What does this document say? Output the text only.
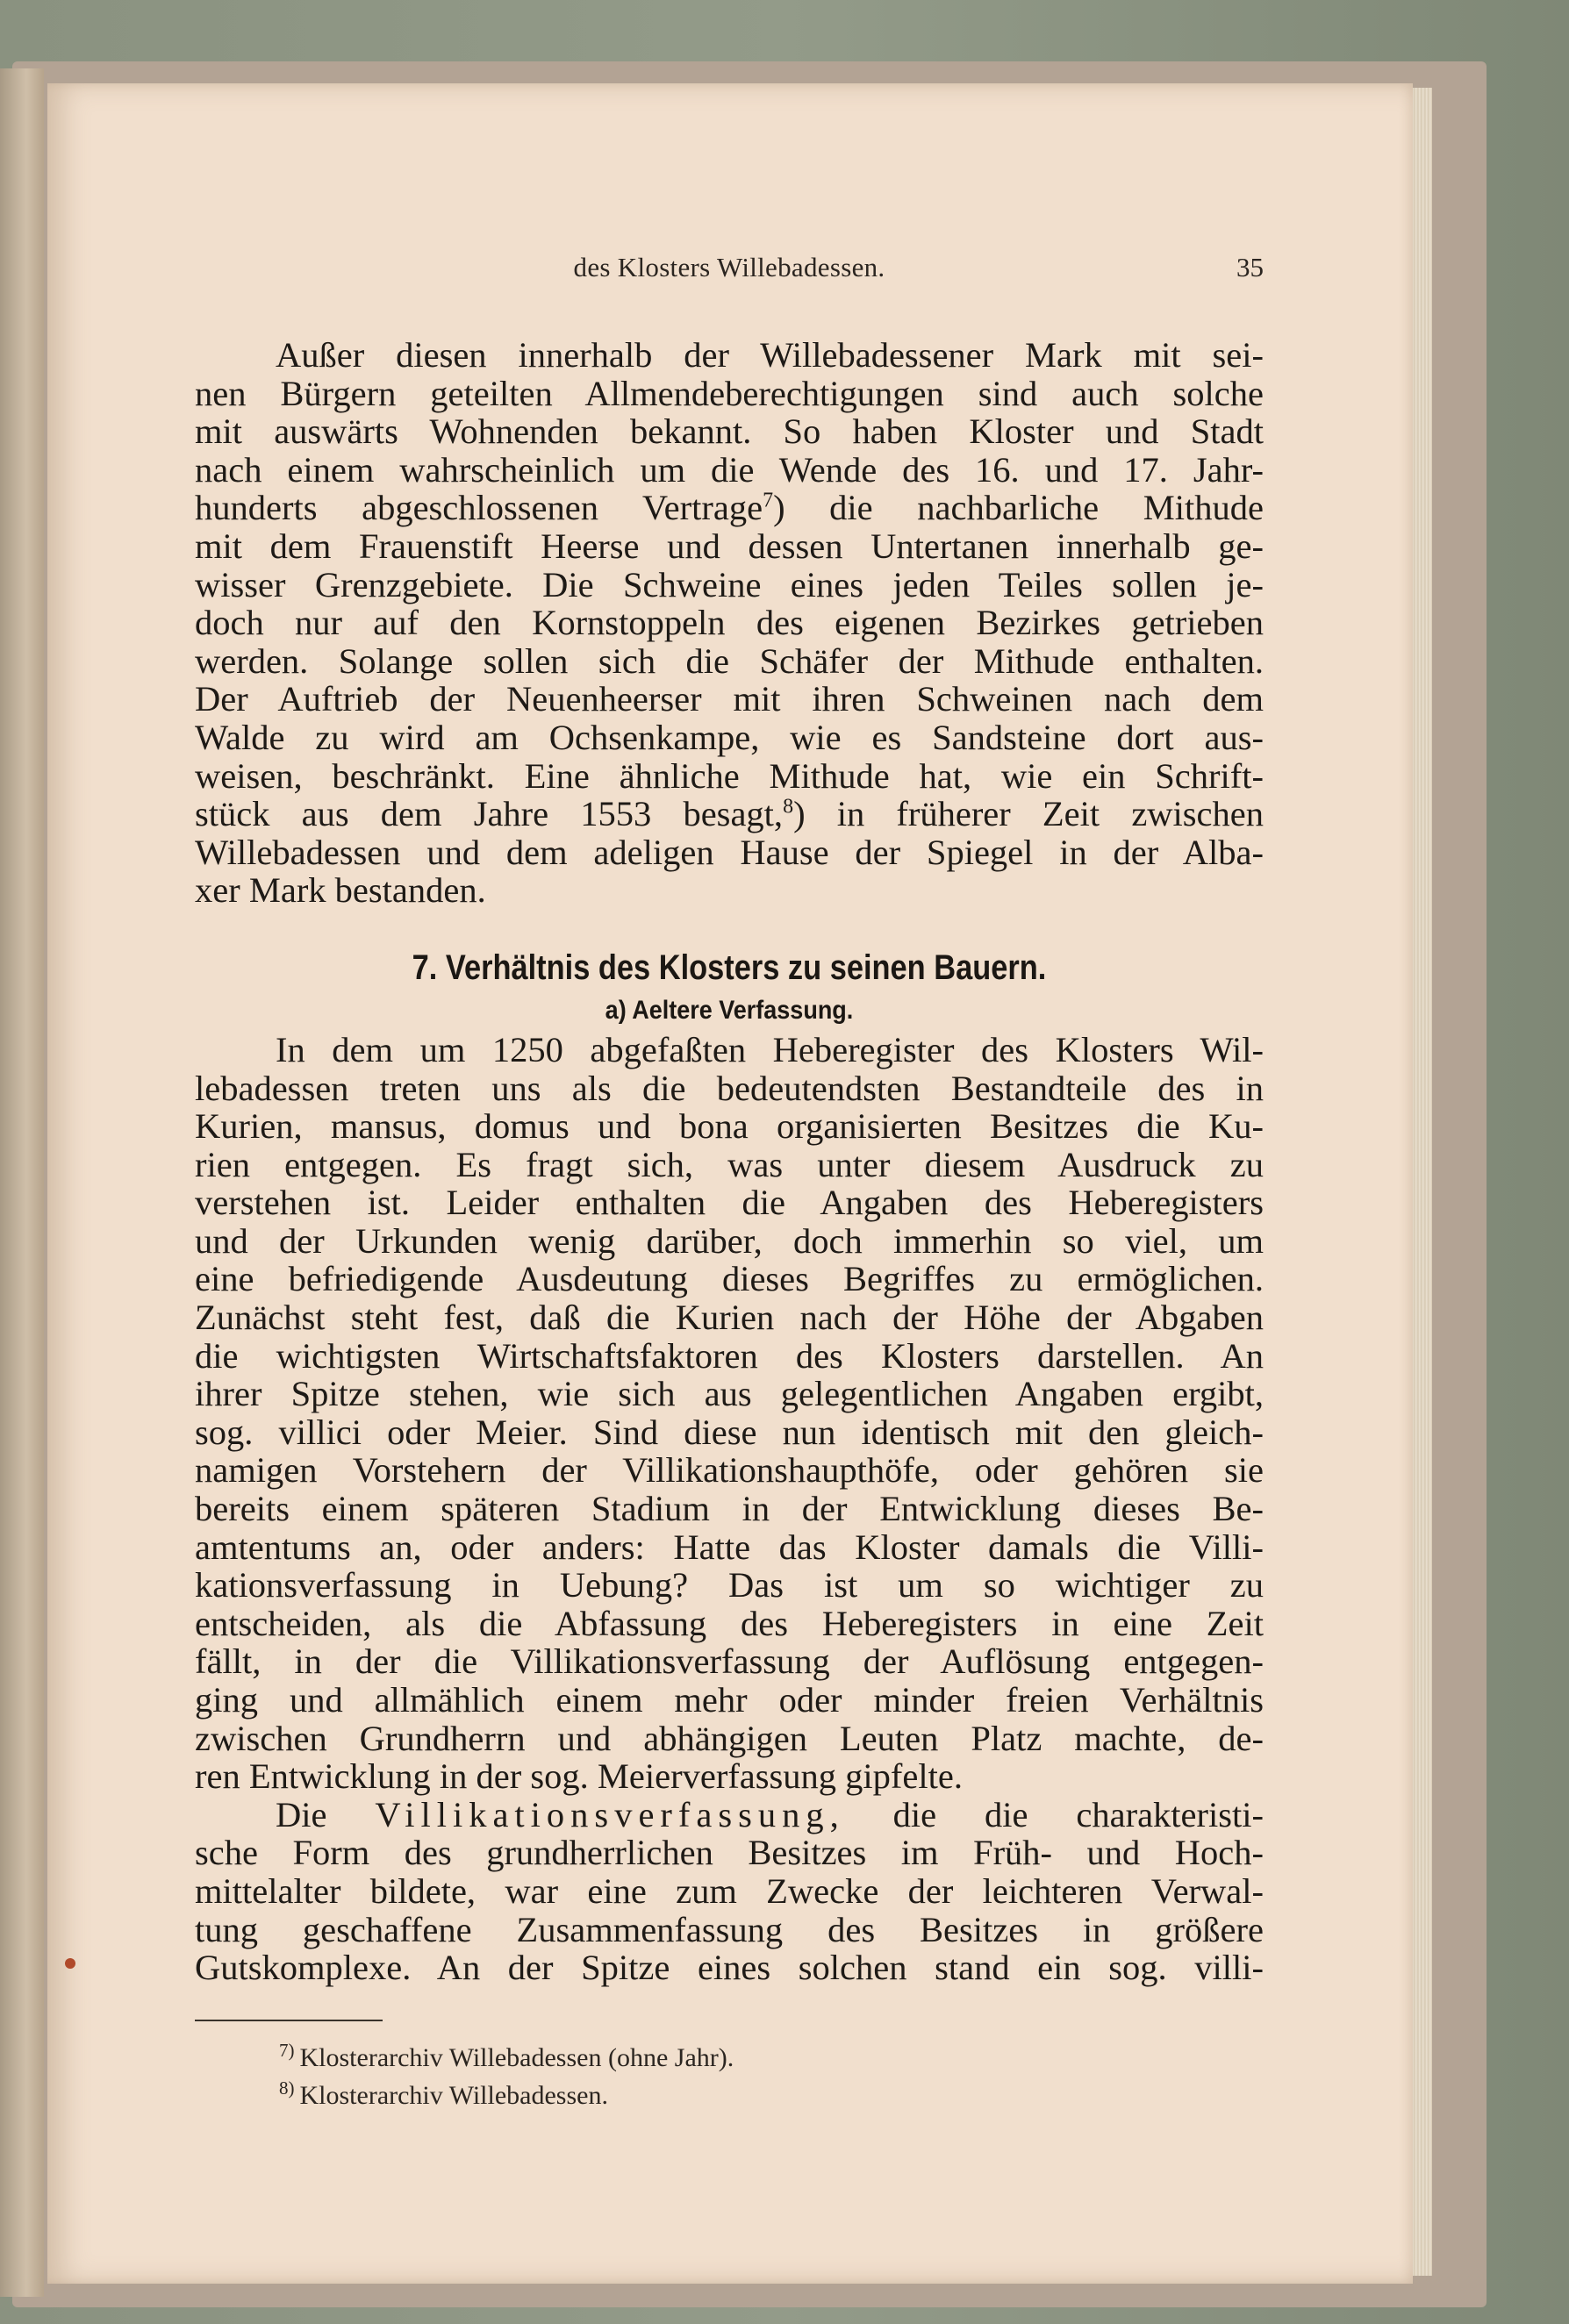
des Klosters Willebadessen.	35
Außer diesen innerhalb der Willebadessener Mark mit sei-
nen Bürgern geteilten Allmendeberechtigungen sind auch solche
mit auswärts Wohnenden bekannt. So haben Kloster und Stadt
nach einem wahrscheinlich um die Wende des 16. und 17. Jahr-
hunderts abgeschlossenen Vertrage$^7$) die nachbarliche Mithude
mit dem Frauenstift Heerse und dessen Untertanen innerhalb ge-
wisser Grenzgebiete. Die Schweine eines jeden Teiles sollen je-
doch nur auf den Kornstoppeln des eigenen Bezirkes getrieben
werden. Solange sollen sich die Schäfer der Mithude enthalten.
Der Auftrieb der Neuenheerser mit ihren Schweinen nach dem
Walde zu wird am Ochsenkampe, wie es Sandsteine dort aus-
weisen, beschränkt. Eine ähnliche Mithude hat, wie ein Schrift-
stück aus dem Jahre 1553 besagt,$^8$) in früherer Zeit zwischen
Willebadessen und dem adeligen Hause der Spiegel in der Alba-
xer Mark bestanden.
7. Verhältnis des Klosters zu seinen Bauern.
a) Aeltere Verfassung.
In dem um 1250 abgefaßten Heberegister des Klosters Wil-
lebadessen treten uns als die bedeutendsten Bestandteile des in
Kurien, mansus, domus und bona organisierten Besitzes die Ku-
rien entgegen. Es fragt sich, was unter diesem Ausdruck zu
verstehen ist. Leider enthalten die Angaben des Heberegisters
und der Urkunden wenig darüber, doch immerhin so viel, um
eine befriedigende Ausdeutung dieses Begriffes zu ermöglichen.
Zunächst steht fest, daß die Kurien nach der Höhe der Abgaben
die wichtigsten Wirtschaftsfaktoren des Klosters darstellen. An
ihrer Spitze stehen, wie sich aus gelegentlichen Angaben ergibt,
sog. villici oder Meier. Sind diese nun identisch mit den gleich-
namigen Vorstehern der Villikationshaupthöfe, oder gehören sie
bereits einem späteren Stadium in der Entwicklung dieses Be-
amtentums an, oder anders: Hatte das Kloster damals die Villi-
kationsverfassung in Uebung? Das ist um so wichtiger zu
entscheiden, als die Abfassung des Heberegisters in eine Zeit
fällt, in der die Villikationsverfassung der Auflösung entgegen-
ging und allmählich einem mehr oder minder freien Verhältnis
zwischen Grundherrn und abhängigen Leuten Platz machte, de-
ren Entwicklung in der sog. Meierverfassung gipfelte.
Die Villikationsverfassung, die die charakteristi-
sche Form des grundherrlichen Besitzes im Früh- und Hoch-
mittelalter bildete, war eine zum Zwecke der leichteren Verwal-
tung geschaffene Zusammenfassung des Besitzes in größere
Gutskomplexe. An der Spitze eines solchen stand ein sog. villi-
$^{7)}$ Klosterarchiv Willebadessen (ohne Jahr).
$^{8)}$ Klosterarchiv Willebadessen.
